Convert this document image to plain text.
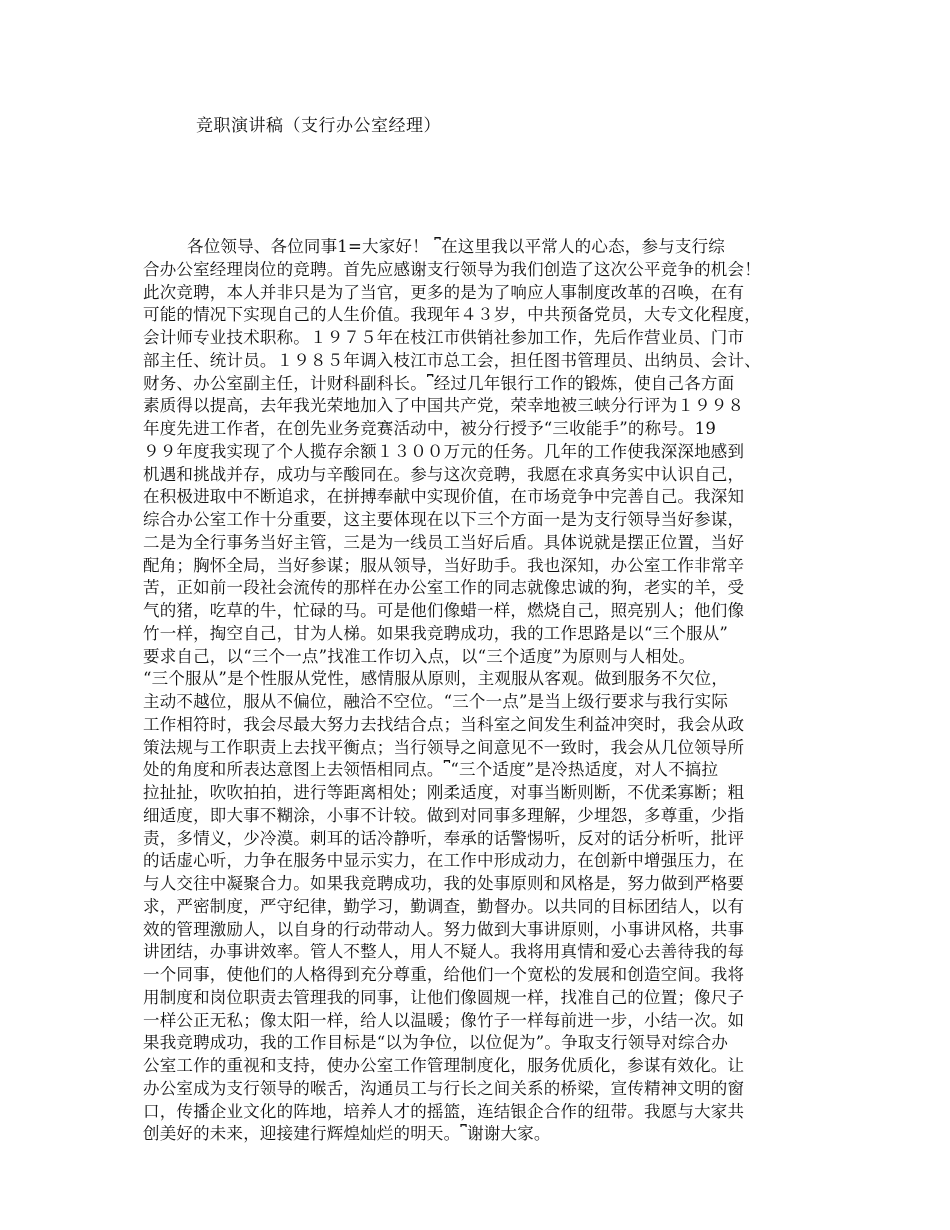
竞职演讲稿（支行办公室经理）
各位领导、各位同事1=大家好！ ⎴在这里我以平常人的心态，参与支行综
合办公室经理岗位的竞聘。首先应感谢支行领导为我们创造了这次公平竞争的机会！
此次竞聘，本人并非只是为了当官，更多的是为了响应人事制度改革的召唤，在有
可能的情况下实现自己的人生价值。我现年４３岁，中共预备党员，大专文化程度，
会计师专业技术职称。１９７５年在枝江市供销社参加工作，先后作营业员、门市
部主任、统计员。１９８５年调入枝江市总工会，担任图书管理员、出纳员、会计、
财务、办公室副主任，计财科副科长。⎴经过几年银行工作的锻炼，使自己各方面
素质得以提高，去年我光荣地加入了中国共产党，荣幸地被三峡分行评为１９９８
年度先进工作者，在创先业务竞赛活动中，被分行授予“三收能手”的称号。19
９９年度我实现了个人揽存余额１３００万元的任务。几年的工作使我深深地感到
机遇和挑战并存，成功与辛酸同在。参与这次竞聘，我愿在求真务实中认识自己，
在积极进取中不断追求，在拼搏奉献中实现价值，在市场竞争中完善自己。我深知
综合办公室工作十分重要，这主要体现在以下三个方面一是为支行领导当好参谋，
二是为全行事务当好主管，三是为一线员工当好后盾。具体说就是摆正位置，当好
配角；胸怀全局，当好参谋；服从领导，当好助手。我也深知，办公室工作非常辛
苦，正如前一段社会流传的那样在办公室工作的同志就像忠诚的狗，老实的羊，受
气的猪，吃草的牛，忙碌的马。可是他们像蜡一样，燃烧自己，照亮别人；他们像
竹一样，掏空自己，甘为人梯。如果我竞聘成功，我的工作思路是以“三个服从”
要求自己，以“三个一点”找准工作切入点，以“三个适度”为原则与人相处。
“三个服从”是个性服从党性，感情服从原则，主观服从客观。做到服务不欠位，
主动不越位，服从不偏位，融洽不空位。“三个一点”是当上级行要求与我行实际
工作相符时，我会尽最大努力去找结合点；当科室之间发生利益冲突时，我会从政
策法规与工作职责上去找平衡点；当行领导之间意见不一致时，我会从几位领导所
处的角度和所表达意图上去领悟相同点。⎴“三个适度”是冷热适度，对人不搞拉
拉扯扯，吹吹拍拍，进行等距离相处；刚柔适度，对事当断则断，不优柔寡断；粗
细适度，即大事不糊涂，小事不计较。做到对同事多理解，少埋怨，多尊重，少指
责，多情义，少冷漠。刺耳的话冷静听，奉承的话警惕听，反对的话分析听，批评
的话虚心听，力争在服务中显示实力，在工作中形成动力，在创新中增强压力，在
与人交往中凝聚合力。如果我竞聘成功，我的处事原则和风格是，努力做到严格要
求，严密制度，严守纪律，勤学习，勤调查，勤督办。以共同的目标团结人，以有
效的管理激励人，以自身的行动带动人。努力做到大事讲原则，小事讲风格，共事
讲团结，办事讲效率。管人不整人，用人不疑人。我将用真情和爱心去善待我的每
一个同事，使他们的人格得到充分尊重，给他们一个宽松的发展和创造空间。我将
用制度和岗位职责去管理我的同事，让他们像圆规一样，找准自己的位置；像尺子
一样公正无私；像太阳一样，给人以温暖；像竹子一样每前进一步，小结一次。如
果我竞聘成功，我的工作目标是“以为争位，以位促为”。争取支行领导对综合办
公室工作的重视和支持，使办公室工作管理制度化，服务优质化，参谋有效化。让
办公室成为支行领导的喉舌，沟通员工与行长之间关系的桥梁，宣传精神文明的窗
口，传播企业文化的阵地，培养人才的摇篮，连结银企合作的纽带。我愿与大家共
创美好的未来，迎接建行辉煌灿烂的明天。⎴谢谢大家。
